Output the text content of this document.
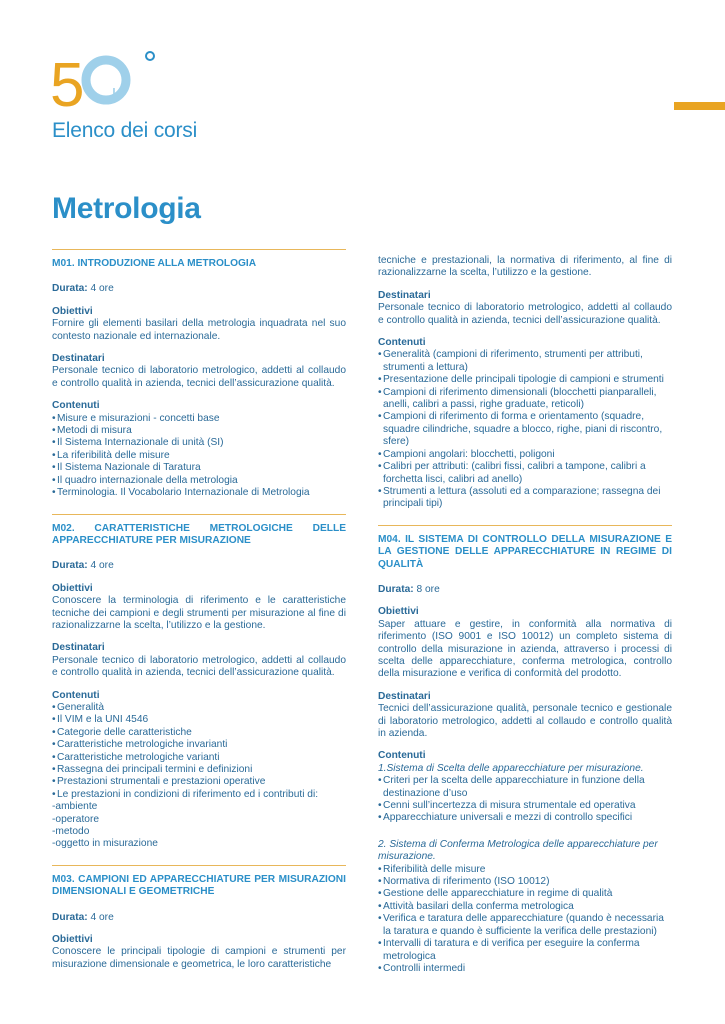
5 u
Elenco dei corsi
Metrologia
M01. INTRODUZIONE ALLA METROLOGIA
Durata: 4 ore
Obiettivi

Fornire gli elementi basilari della metrologia inquadrata nel suo contesto nazionale ed internazionale.

Destinatari

Personale tecnico di laboratorio metrologico, addetti al collaudo e controllo qualità in azienda, tecnici dell’assicurazione qualità.

Contenuti
• Misure e misurazioni - concetti base
• Metodi di misura
• Il Sistema Internazionale di unità (SI)
• La riferibilità delle misure
• Il Sistema Nazionale di Taratura
• Il quadro internazionale della metrologia
• Terminologia. Il Vocabolario Internazionale di Metrologia
M02. CARATTERISTICHE METROLOGICHE DELLE APPARECCHIATURE PER MISURAZIONE
Durata: 4 ore
Obiettivi

Conoscere la terminologia di riferimento e le caratteristiche tecniche dei campioni e degli strumenti per misurazione al fine di razionalizzarne la scelta, l’utilizzo e la gestione.

Destinatari

Personale tecnico di laboratorio metrologico, addetti al collaudo e controllo qualità in azienda, tecnici dell’assicurazione qualità.

Contenuti
• Generalità
• Il VIM e la UNI 4546
• Categorie delle caratteristiche
• Caratteristiche metrologiche invarianti
• Caratteristiche metrologiche varianti
• Rassegna dei principali termini e definizioni
• Prestazioni strumentali e prestazioni operative
• Le prestazioni in condizioni di riferimento ed i contributi di:
- ambiente
- operatore
- metodo
- oggetto in misurazione
M03. CAMPIONI ED APPARECCHIATURE PER MISURAZIONI DIMENSIONALI E GEOMETRICHE
Durata: 4 ore
Obiettivi

Conoscere le principali tipologie di campioni e strumenti per misurazione dimensionale e geometrica, le loro caratteristiche

tecniche e prestazionali, la normativa di riferimento, al fine di razionalizzarne la scelta, l’utilizzo e la gestione.

Destinatari

Personale tecnico di laboratorio metrologico, addetti al collaudo e controllo qualità in azienda, tecnici dell’assicurazione qualità.

Contenuti
• Generalità (campioni di riferimento, strumenti per attributi, strumenti a lettura)
• Presentazione delle principali tipologie di campioni e strumenti
• Campioni di riferimento dimensionali (blocchetti pianparalleli, anelli, calibri a passi, righe graduate, reticoli)
• Campioni di riferimento di forma e orientamento (squadre, squadre cilindriche, squadre a blocco, righe, piani di riscontro, sfere)
• Campioni angolari: blocchetti, poligoni
• Calibri per attributi: (calibri fissi, calibri a tampone, calibri a forchetta lisci, calibri ad anello)
• Strumenti a lettura (assoluti ed a comparazione; rassegna dei principali tipi)
M04. IL SISTEMA DI CONTROLLO DELLA MISURAZIONE E LA GESTIONE DELLE APPARECCHIATURE IN REGIME DI QUALITÀ
Durata: 8 ore
Obiettivi

Saper attuare e gestire, in conformità alla normativa di riferimento (ISO 9001 e ISO 10012) un completo sistema di controllo della misurazione in azienda, attraverso i processi di scelta delle apparecchiature, conferma metrologica, controllo della misurazione e verifica di conformità del prodotto.

Destinatari

Tecnici dell’assicurazione qualità, personale tecnico e gestionale di laboratorio metrologico, addetti al collaudo e controllo qualità in azienda.

Contenuti
1.Sistema di Scelta delle apparecchiature per misurazione.
• Criteri per la scelta delle apparecchiature in funzione della destinazione d’uso
• Cenni sull’incertezza di misura strumentale ed operativa
• Apparecchiature universali e mezzi di controllo specifici
2. Sistema di Conferma Metrologica delle apparecchiature per misurazione.
• Riferibilità delle misure
• Normativa di riferimento (ISO 10012)
• Gestione delle apparecchiature in regime di qualità
• Attività basilari della conferma metrologica
• Verifica e taratura delle apparecchiature (quando è necessaria la taratura e quando è sufficiente la verifica delle prestazioni)
• Intervalli di taratura e di verifica per eseguire la conferma metrologica
• Controlli intermedi
